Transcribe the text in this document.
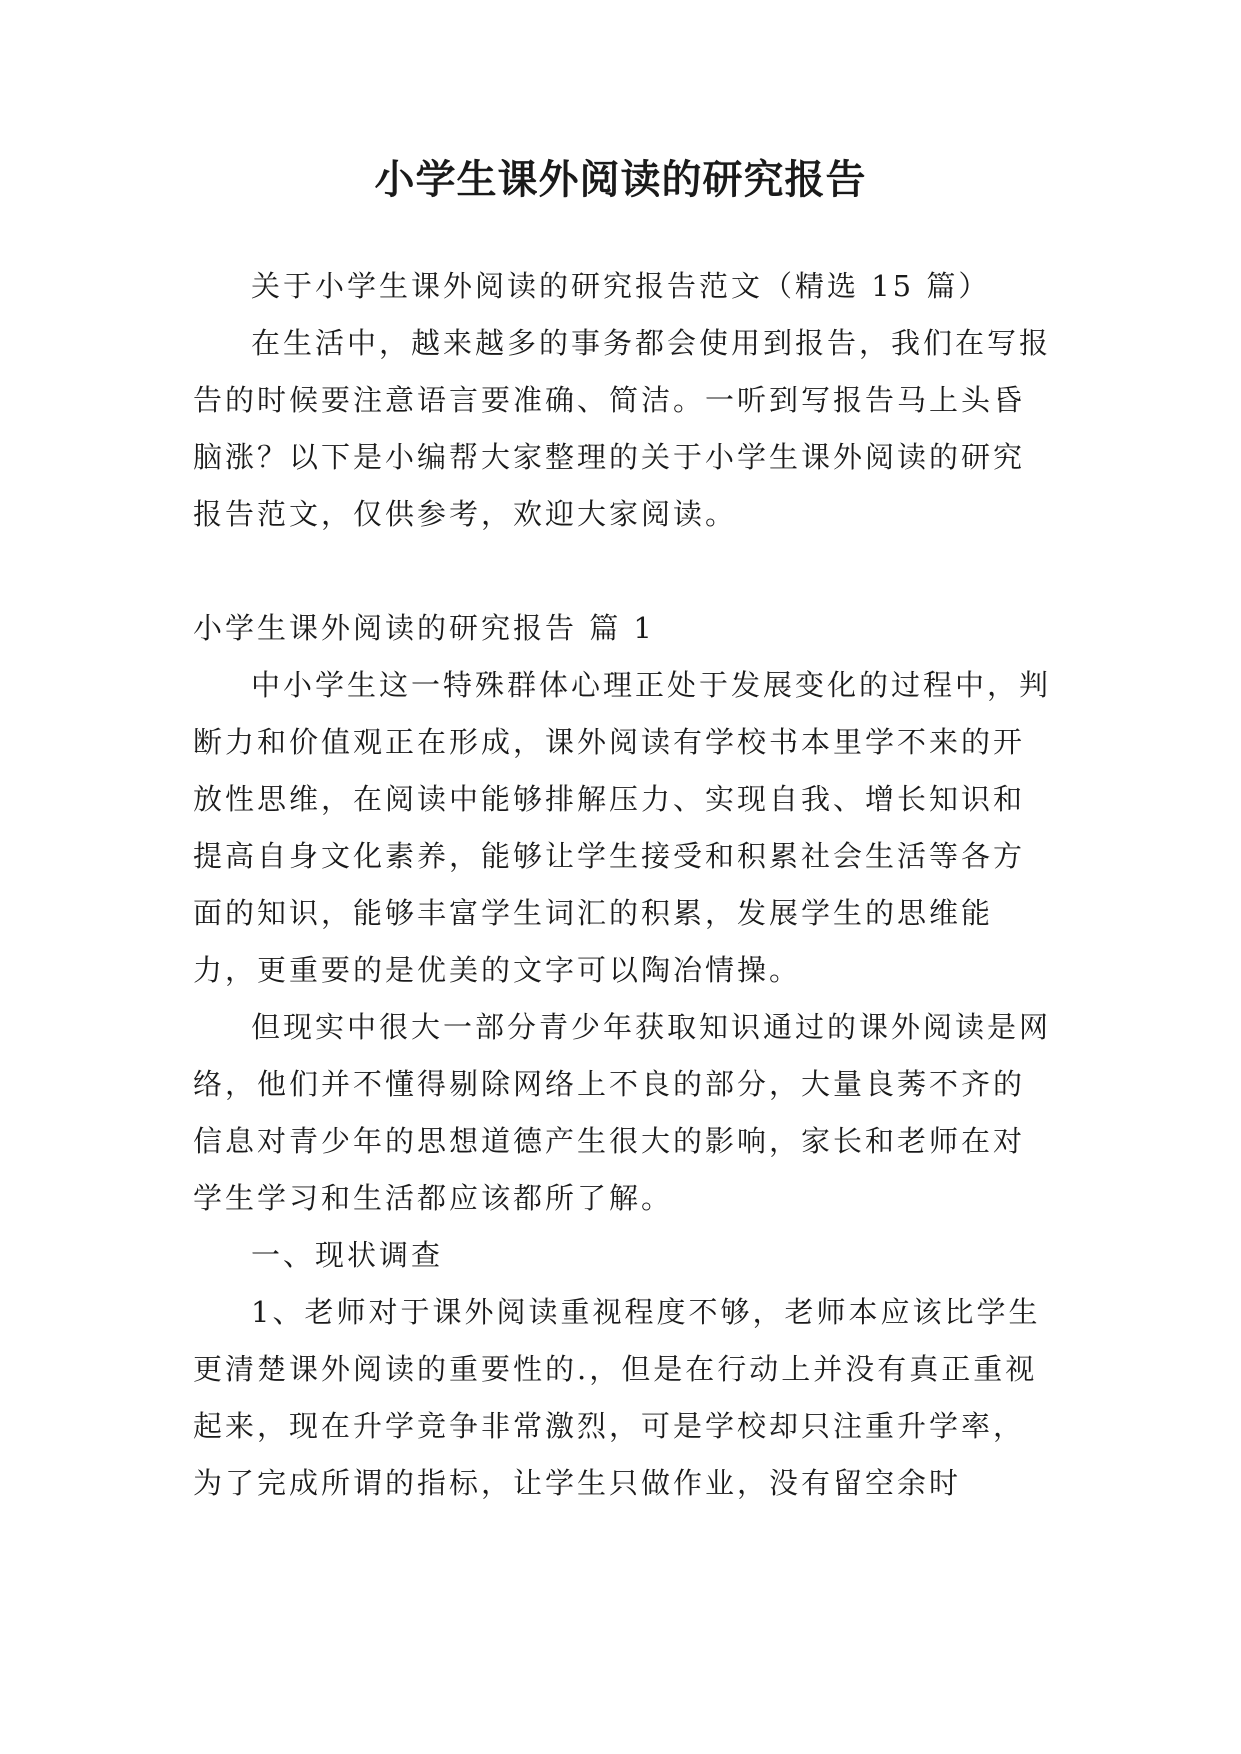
小学生课外阅读的研究报告

关于小学生课外阅读的研究报告范文（精选 15 篇）

在生活中，越来越多的事务都会使用到报告，我们在写报告的时候要注意语言要准确、简洁。一听到写报告马上头昏脑涨？以下是小编帮大家整理的关于小学生课外阅读的研究报告范文，仅供参考，欢迎大家阅读。

小学生课外阅读的研究报告 篇 1

中小学生这一特殊群体心理正处于发展变化的过程中，判断力和价值观正在形成，课外阅读有学校书本里学不来的开放性思维，在阅读中能够排解压力、实现自我、增长知识和提高自身文化素养，能够让学生接受和积累社会生活等各方面的知识，能够丰富学生词汇的积累，发展学生的思维能力，更重要的是优美的文字可以陶冶情操。

但现实中很大一部分青少年获取知识通过的课外阅读是网络，他们并不懂得剔除网络上不良的部分，大量良莠不齐的信息对青少年的思想道德产生很大的影响，家长和老师在对学生学习和生活都应该都所了解。

一、现状调查

1、老师对于课外阅读重视程度不够，老师本应该比学生更清楚课外阅读的重要性的.，但是在行动上并没有真正重视起来，现在升学竞争非常激烈，可是学校却只注重升学率，为了完成所谓的指标，让学生只做作业，没有留空余时
